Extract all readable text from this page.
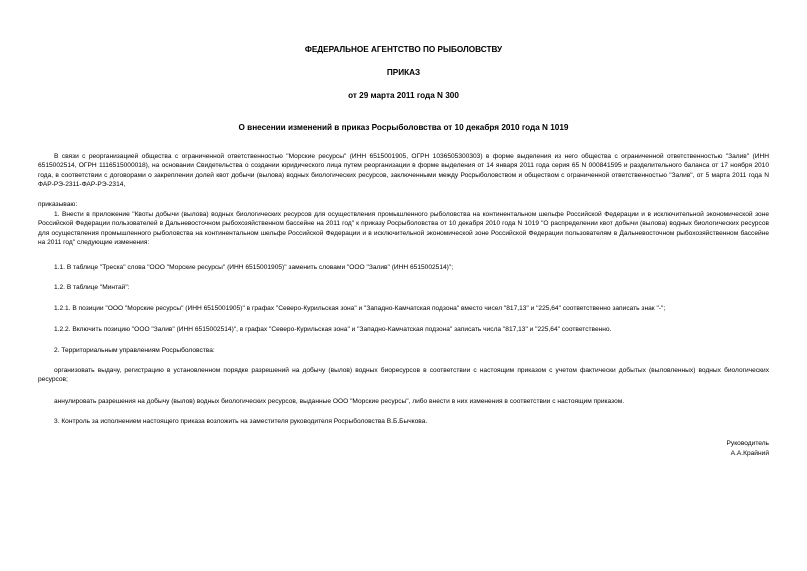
ФЕДЕРАЛЬНОЕ АГЕНТСТВО ПО РЫБОЛОВСТВУ
ПРИКАЗ
от 29 марта 2011 года N 300
О внесении изменений в приказ Росрыболовства от 10 декабря 2010 года N 1019
В связи с реорганизацией общества с ограниченной ответственностью "Морские ресурсы" (ИНН 6515001905, ОГРН 1036505300303) в форме выделения из него общества с ограниченной ответственностью "Залив" (ИНН 6515002514, ОГРН 1116515000018), на основании Свидетельства о создании юридического лица путем реорганизации в форме выделения от 14 января 2011 года серия 65 N 000841595 и разделительного баланса от 17 ноября 2010 года, в соответствии с договорами о закреплении долей квот добычи (вылова) водных биологических ресурсов, заключенными между Росрыболовством и обществом с ограниченной ответственностью "Залив", от 5 марта 2011 года N ФАР-РЭ-2311-ФАР-РЭ-2314,
приказываю:
1. Внести в приложение "Квоты добычи (вылова) водных биологических ресурсов для осуществления промышленного рыболовства на континентальном шельфе Российской Федерации и в исключительной экономической зоне Российской Федерации пользователей в Дальневосточном рыбохозяйственном бассейне на 2011 год" к приказу Росрыболовства от 10 декабря 2010 года N 1019 "О распределении квот добычи (вылова) водных биологических ресурсов для осуществления промышленного рыболовства на континентальном шельфе Российской Федерации и в исключительной экономической зоне Российской Федерации пользователям в Дальневосточном рыбохозяйственном бассейне на 2011 год" следующие изменения:
1.1. В таблице "Треска" слова "ООО "Морские ресурсы" (ИНН 6515001905)" заменить словами "ООО "Залив" (ИНН 6515002514)";
1.2. В таблице "Минтай":
1.2.1. В позиции "ООО "Морские ресурсы" (ИНН 6515001905)" в графах "Северо-Курильская зона" и "Западно-Камчатская подзона" вместо чисел "817,13" и "225,64" соответственно записать знак "-";
1.2.2. Включить позицию "ООО "Залив" (ИНН 6515002514)", в графах "Северо-Курильская зона" и "Западно-Камчатская подзона" записать числа "817,13" и "225,64" соответственно.
2. Территориальным управлениям Росрыболовства:
организовать выдачу, регистрацию в установленном порядке разрешений на добычу (вылов) водных биоресурсов в соответствии с настоящим приказом с учетом фактически добытых (выловленных) водных биологических ресурсов;
аннулировать разрешения на добычу (вылов) водных биологических ресурсов, выданные ООО "Морские ресурсы", либо внести в них изменения в соответствии с настоящим приказом.
3. Контроль за исполнением настоящего приказа возложить на заместителя руководителя Росрыболовства В.Б.Бычкова.
Руководитель
А.А.Крайний
